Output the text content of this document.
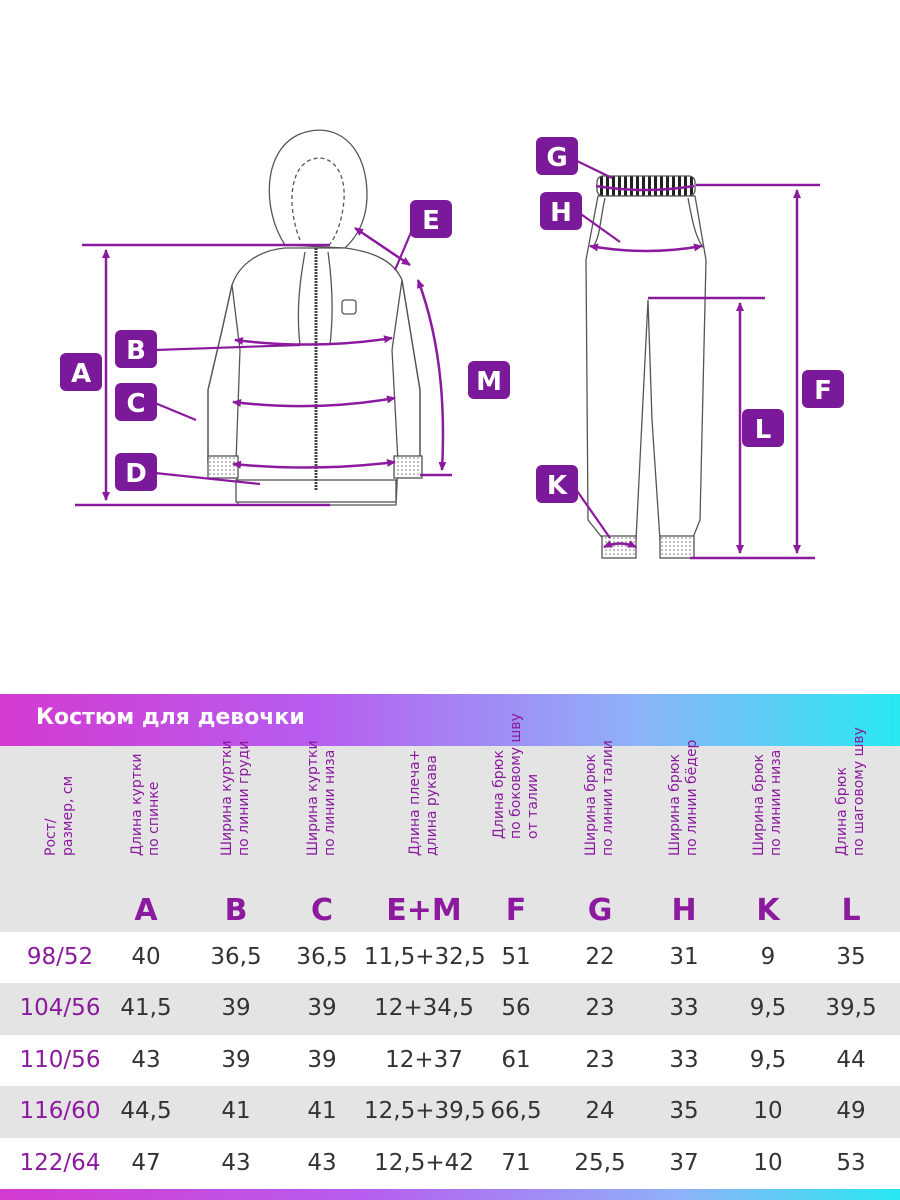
A
B
C
D
E
M
G
H
K
L
F
Костюм для девочки
Рост/ размер, см	Длина куртки по спинке
A
Ширина куртки по линии груди
B
Ширина куртки по линии низа
C
Длина плеча+ длина рукава
E+M
Длина брюк по боковому шву от талии
F
Ширина брюк по линии талии
G
Ширина брюк по линии бёдер
H
Ширина брюк по линии низа
K
Длина брюк по шаговому шву
L
98/52	40	36,5	36,5 11,5+32,5 51	22	31	9	35
104/56 41,5	39	39	12+34,5	56	23	33	9,5	39,5
110/56	43	39	39	12+37	61	23	33	9,5	44
116/60 44,5	41	41	12,5+39,5 66,5	24	35	10	49
122/64	47	43	43	12,5+42	71	25,5	37	10	53
